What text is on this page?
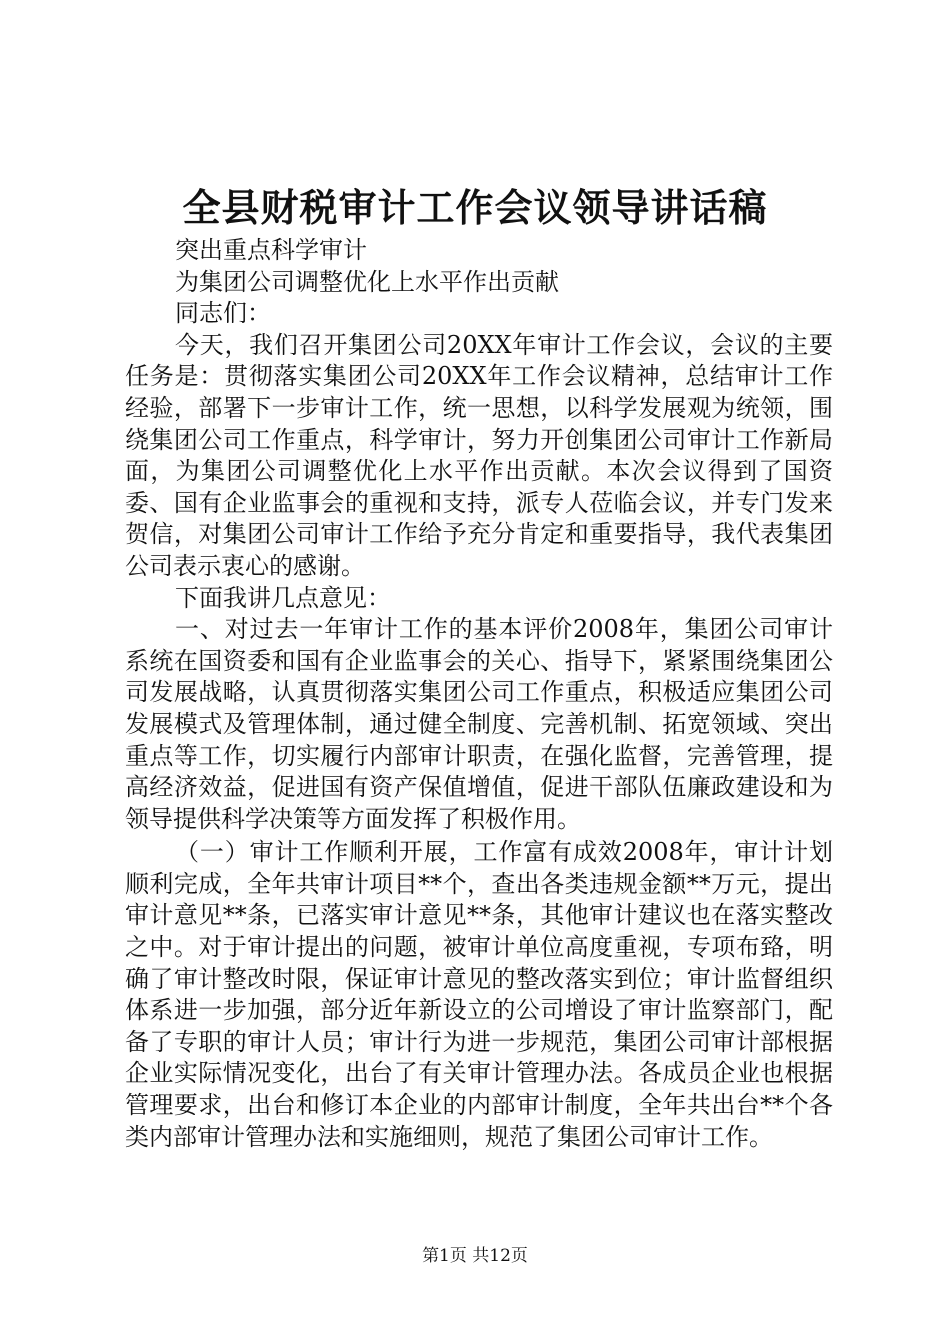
全县财税审计工作会议领导讲话稿

突出重点科学审计

为集团公司调整优化上水平作出贡献

同志们：

今天，我们召开集团公司20XX年审计工作会议，会议的主要任务是：贯彻落实集团公司20XX年工作会议精神，总结审计工作经验，部署下一步审计工作，统一思想，以科学发展观为统领，围绕集团公司工作重点，科学审计，努力开创集团公司审计工作新局面，为集团公司调整优化上水平作出贡献。本次会议得到了国资委、国有企业监事会的重视和支持，派专人莅临会议，并专门发来贺信，对集团公司审计工作给予充分肯定和重要指导，我代表集团公司表示衷心的感谢。

下面我讲几点意见：

一、对过去一年审计工作的基本评价2008年，集团公司审计系统在国资委和国有企业监事会的关心、指导下，紧紧围绕集团公司发展战略，认真贯彻落实集团公司工作重点，积极适应集团公司发展模式及管理体制，通过健全制度、完善机制、拓宽领域、突出重点等工作，切实履行内部审计职责，在强化监督，完善管理，提高经济效益，促进国有资产保值增值，促进干部队伍廉政建设和为领导提供科学决策等方面发挥了积极作用。

（一）审计工作顺利开展，工作富有成效2008年，审计计划顺利完成，全年共审计项目**个，查出各类违规金额**万元，提出审计意见**条，已落实审计意见**条，其他审计建议也在落实整改之中。对于审计提出的问题，被审计单位高度重视，专项布臵，明确了审计整改时限，保证审计意见的整改落实到位；审计监督组织体系进一步加强，部分近年新设立的公司增设了审计监察部门，配备了专职的审计人员；审计行为进一步规范，集团公司审计部根据企业实际情况变化，出台了有关审计管理办法。各成员企业也根据管理要求，出台和修订本企业的内部审计制度，全年共出台**个各类内部审计管理办法和实施细则，规范了集团公司审计工作。

第1页 共12页
